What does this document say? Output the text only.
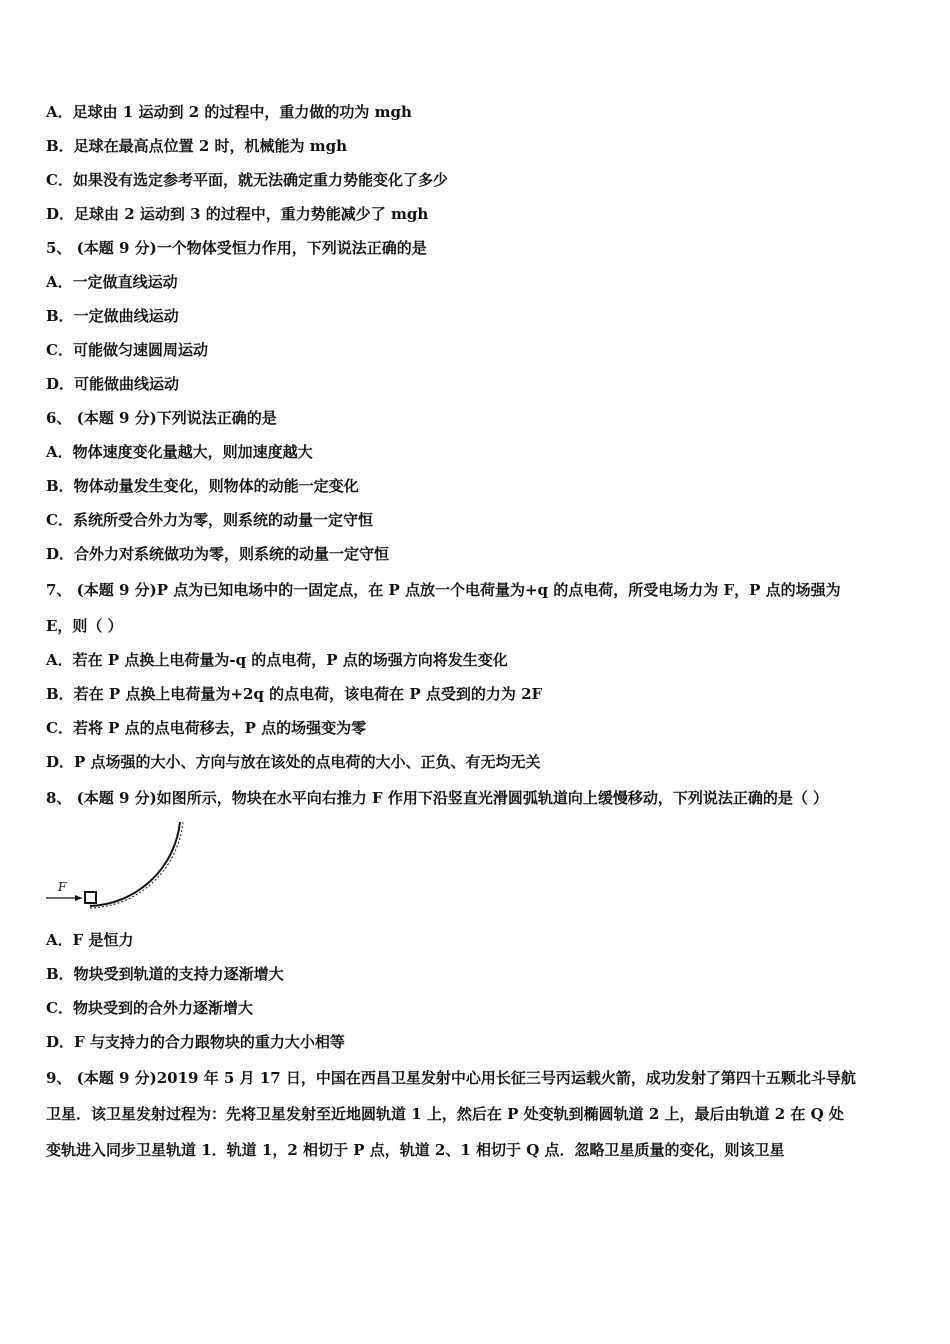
A．足球由 1 运动到 2 的过程中，重力做的功为 mgh
B．足球在最高点位置 2 时，机械能为 mgh
C．如果没有选定参考平面，就无法确定重力势能变化了多少
D．足球由 2 运动到 3 的过程中，重力势能减少了 mgh
5、 (本题 9 分)一个物体受恒力作用，下列说法正确的是
A．一定做直线运动
B．一定做曲线运动
C．可能做匀速圆周运动
D．可能做曲线运动
6、 (本题 9 分)下列说法正确的是
A．物体速度变化量越大，则加速度越大
B．物体动量发生变化，则物体的动能一定变化
C．系统所受合外力为零，则系统的动量一定守恒
D．合外力对系统做功为零，则系统的动量一定守恒
7、 (本题 9 分)P 点为已知电场中的一固定点，在 P 点放一个电荷量为+q 的点电荷，所受电场力为 F，P 点的场强为
E，则（ ）
A．若在 P 点换上电荷量为-q 的点电荷，P 点的场强方向将发生变化
B．若在 P 点换上电荷量为+2q 的点电荷，该电荷在 P 点受到的力为 2F
C．若将 P 点的点电荷移去，P 点的场强变为零
D．P 点场强的大小、方向与放在该处的点电荷的大小、正负、有无均无关
8、 (本题 9 分)如图所示，物块在水平向右推力 F 作用下沿竖直光滑圆弧轨道向上缓慢移动，下列说法正确的是（ ）
F
A．F 是恒力
B．物块受到轨道的支持力逐渐增大
C．物块受到的合外力逐渐增大
D．F 与支持力的合力跟物块的重力大小相等
9、 (本题 9 分)2019 年 5 月 17 日，中国在西昌卫星发射中心用长征三号丙运载火箭，成功发射了第四十五颗北斗导航
卫星．该卫星发射过程为：先将卫星发射至近地圆轨道 1 上，然后在 P 处变轨到椭圆轨道 2 上，最后由轨道 2 在 Q 处
变轨进入同步卫星轨道 1．轨道 1，2 相切于 P 点，轨道 2、1 相切于 Q 点．忽略卫星质量的变化，则该卫星
